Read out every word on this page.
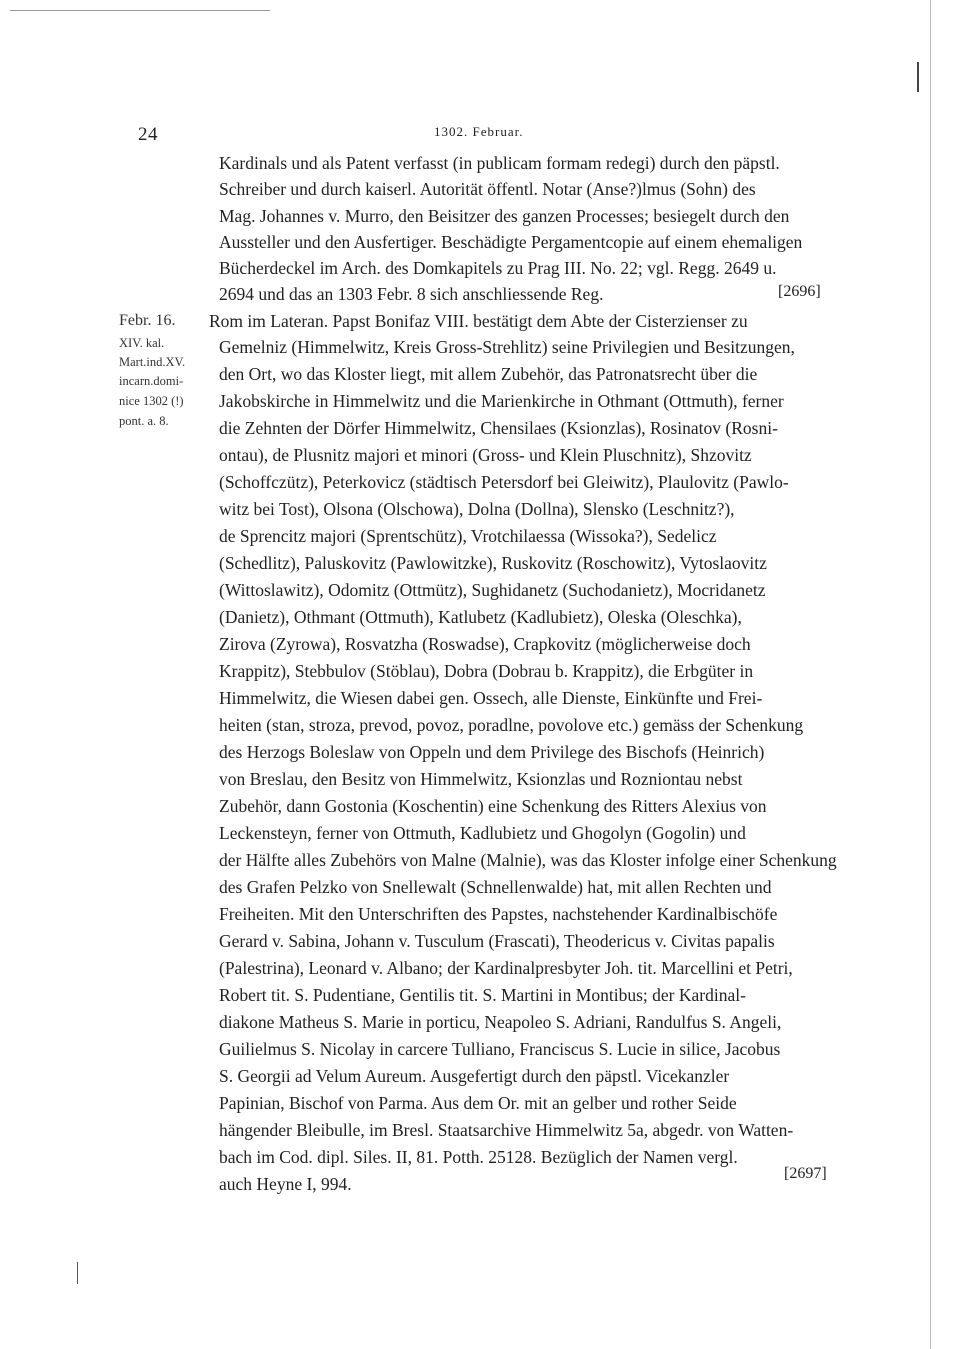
24	1302. Februar.
Kardinals und als Patent verfasst (in publicam formam redegi) durch den päpstl.
Schreiber und durch kaiserl. Autorität öffentl. Notar (Anse?)lmus (Sohn) des
Mag. Johannes v. Murro, den Beisitzer des ganzen Processes; besiegelt durch den
Aussteller und den Ausfertiger. Beschädigte Pergamentcopie auf einem ehemaligen
Bücherdeckel im Arch. des Domkapitels zu Prag III. No. 22; vgl. Regg. 2649 u.
2694 und das an 1303 Febr. 8 sich anschliessende Reg.	[2696]
Febr. 16.
XIV. kal.
Mart.ind.XV.
incarn.domi-
nice 1302 (!)
pont. a. 8.
Rom im Lateran. Papst Bonifaz VIII. bestätigt dem Abte der Cisterzienser zu
Gemelniz (Himmelwitz, Kreis Gross-Strehlitz) seine Privilegien und Besitzungen,
den Ort, wo das Kloster liegt, mit allem Zubehör, das Patronatsrecht über die
Jakobskirche in Himmelwitz und die Marienkirche in Othmant (Ottmuth), ferner
die Zehnten der Dörfer Himmelwitz, Chensilaes (Ksionzlas), Rosinatov (Rosni-
ontau), de Plusnitz majori et minori (Gross- und Klein Pluschnitz), Shzovitz
(Schoffczütz), Peterkovicz (städtisch Petersdorf bei Gleiwitz), Plaulovitz (Pawlo-
witz bei Tost), Olsona (Olschowa), Dolna (Dollna), Slensko (Leschnitz?),
de Sprencitz majori (Sprentschütz), Vrotchilaessa (Wissoka?), Sedelicz
(Schedlitz), Paluskovitz (Pawlowitzke), Ruskovitz (Roschowitz), Vytoslaovitz
(Wittoslawitz), Odomitz (Ottmütz), Sughidanetz (Suchodanietz), Mocridanetz
(Danietz), Othmant (Ottmuth), Katlubetz (Kadlubietz), Oleska (Oleschka),
Zirova (Zyrowa), Rosvatzha (Roswadse), Crapkovitz (möglicherweise doch
Krappitz), Stebbulov (Stöblau), Dobra (Dobrau b. Krappitz), die Erbgüter in
Himmelwitz, die Wiesen dabei gen. Ossech, alle Dienste, Einkünfte und Frei-
heiten (stan, stroza, prevod, povoz, poradlne, povolove etc.) gemäss der Schenkung
des Herzogs Boleslaw von Oppeln und dem Privilege des Bischofs (Heinrich)
von Breslau, den Besitz von Himmelwitz, Ksionzlas und Rozniontau nebst
Zubehör, dann Gostonia (Koschentin) eine Schenkung des Ritters Alexius von
Leckensteyn, ferner von Ottmuth, Kadlubietz und Ghogolyn (Gogolin) und
der Hälfte alles Zubehörs von Malne (Malnie), was das Kloster infolge einer Schenkung
des Grafen Pelzko von Snellewalt (Schnellenwalde) hat, mit allen Rechten und
Freiheiten. Mit den Unterschriften des Papstes, nachstehender Kardinalbischöfe
Gerard v. Sabina, Johann v. Tusculum (Frascati), Theodericus v. Civitas papalis
(Palestrina), Leonard v. Albano; der Kardinalpresbyter Joh. tit. Marcellini et Petri,
Robert tit. S. Pudentiane, Gentilis tit. S. Martini in Montibus; der Kardinal-
diakone Matheus S. Marie in porticu, Neapoleo S. Adriani, Randulfus S. Angeli,
Guilielmus S. Nicolay in carcere Tulliano, Franciscus S. Lucie in silice, Jacobus
S. Georgii ad Velum Aureum. Ausgefertigt durch den päpstl. Vicekanzler
Papinian, Bischof von Parma. Aus dem Or. mit an gelber und rother Seide
hängender Bleibulle, im Bresl. Staatsarchive Himmelwitz 5a, abgedr. von Watten-
bach im Cod. dipl. Siles. II, 81. Potth. 25128. Bezüglich der Namen vergl.
auch Heyne I, 994.
[2697]
